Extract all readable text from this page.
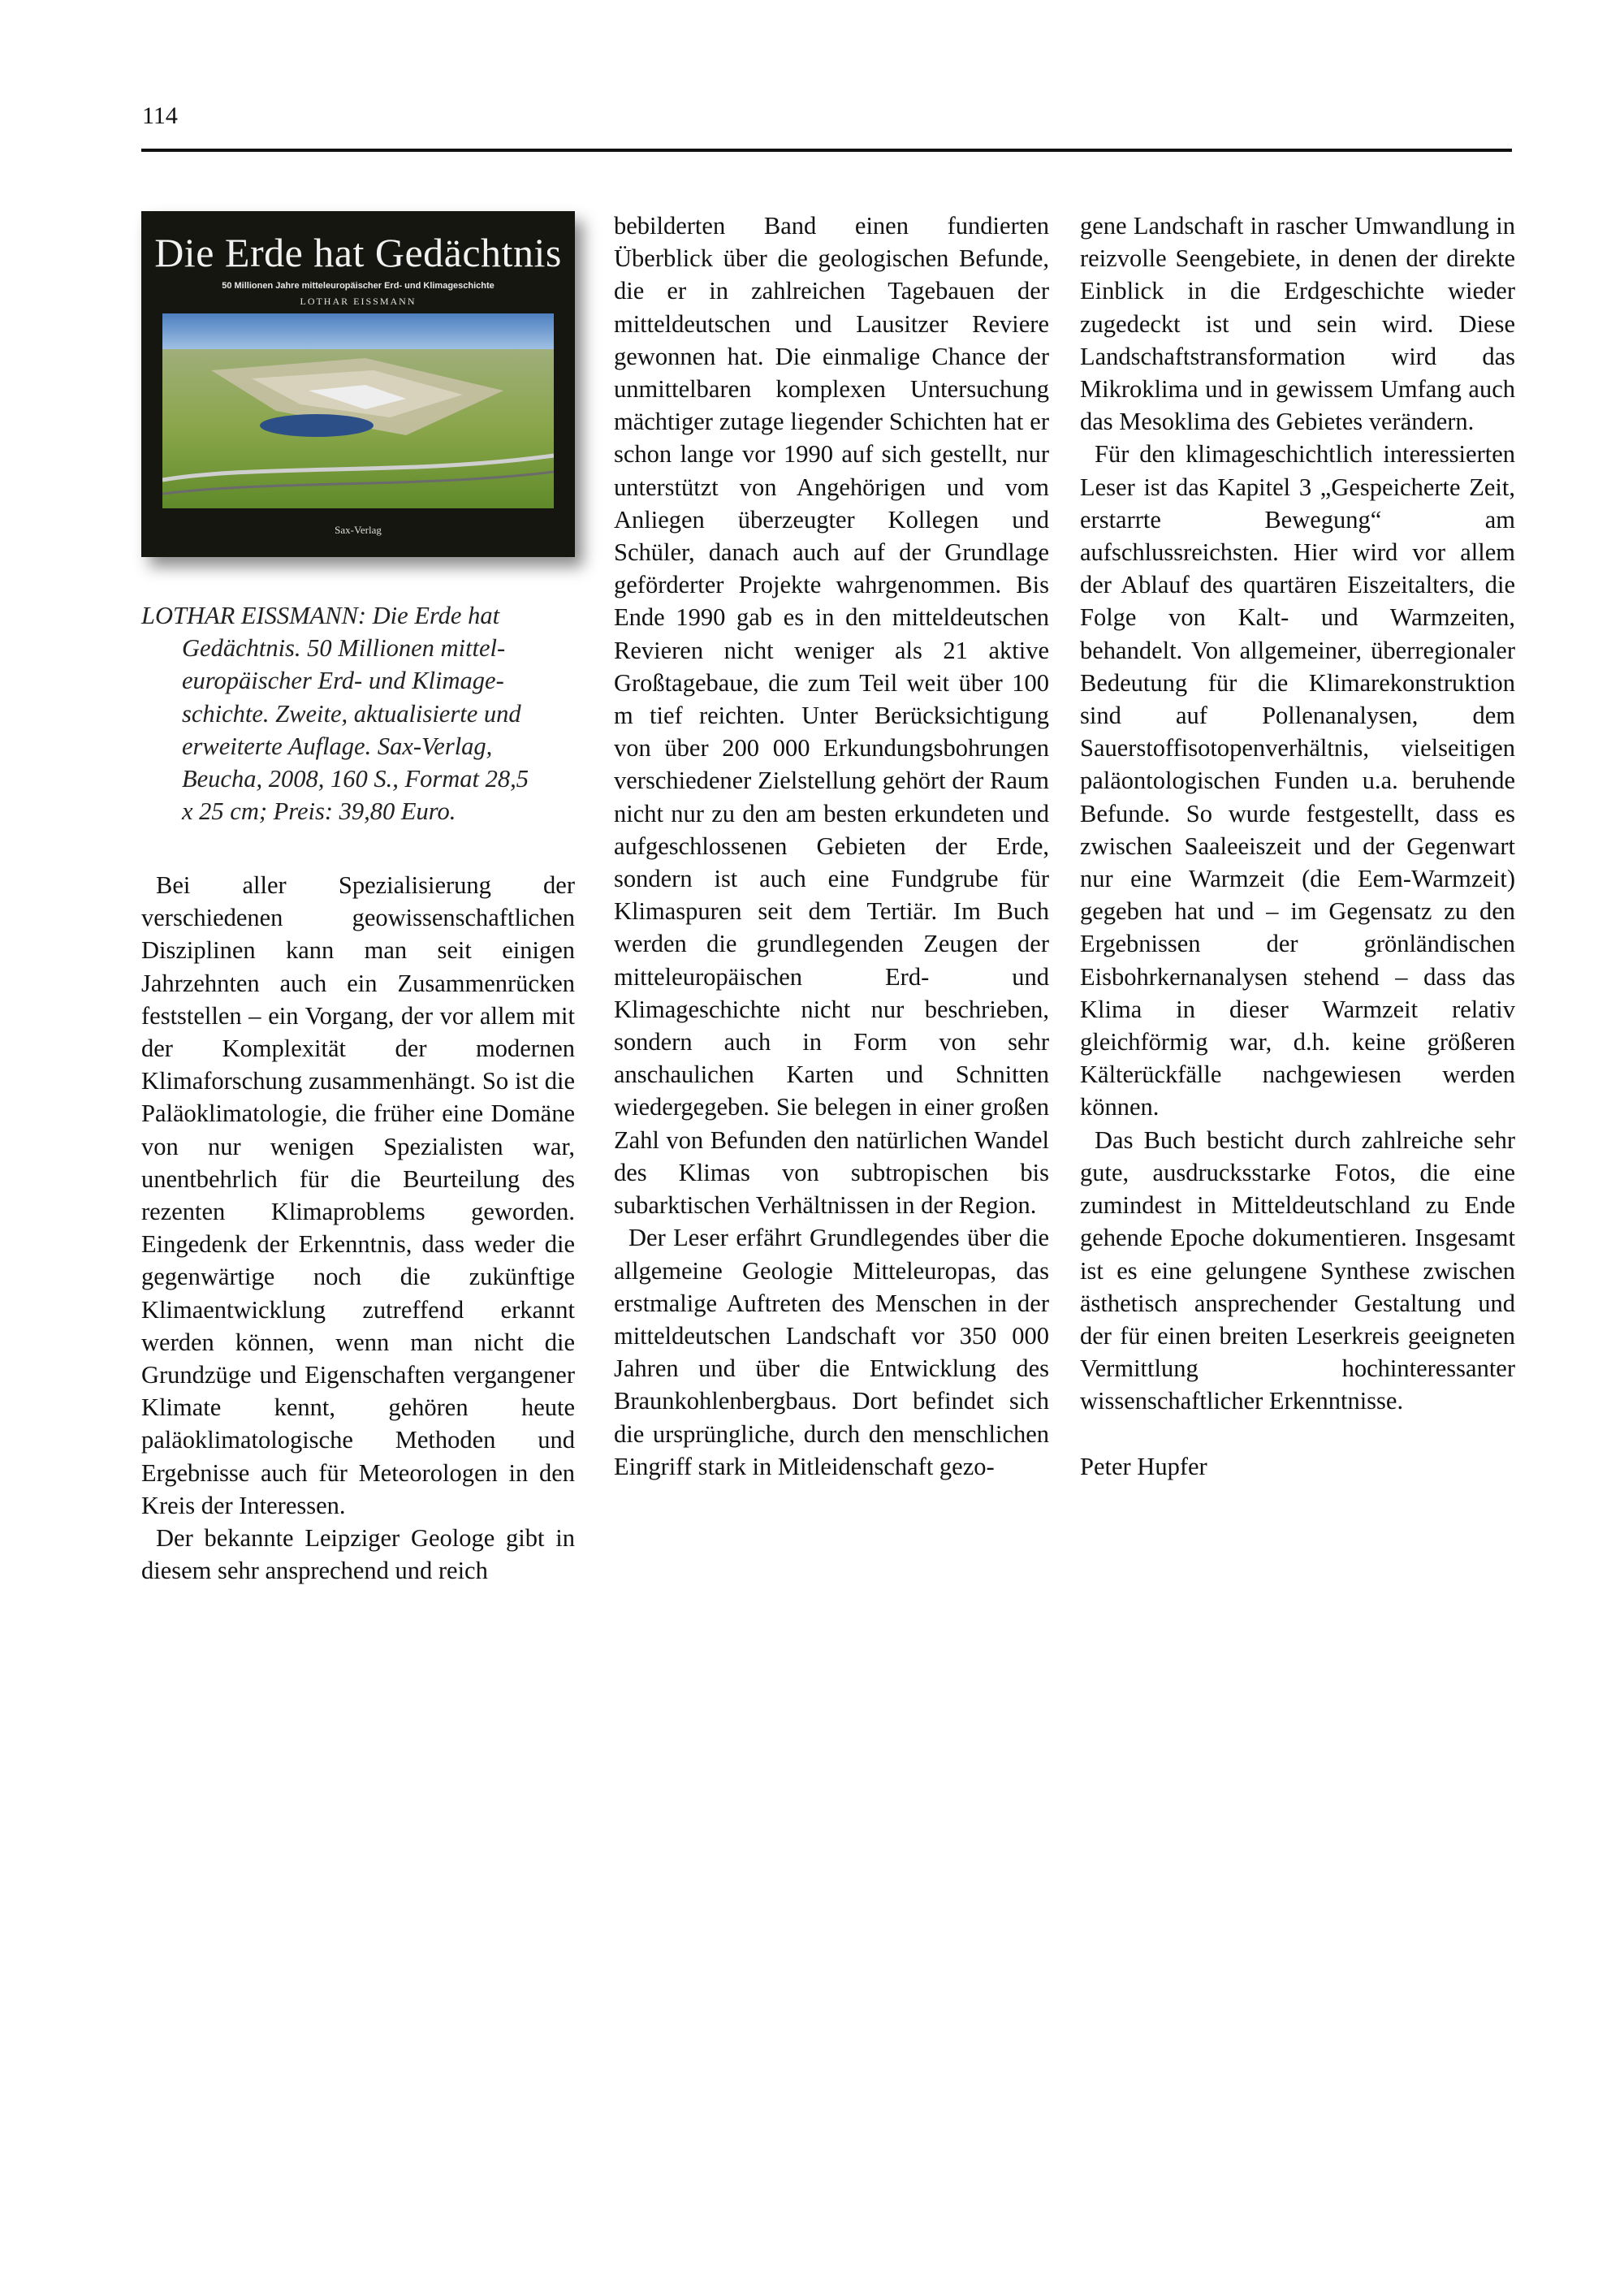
114
Die Erde hat Gedächtnis
50 Millionen Jahre mitteleuropäischer Erd- und Klimageschichte
LOTHAR EISSMANN
Sax-Verlag
LOTHAR EISSMANN: Die Erde hat
Gedächtnis. 50 Millionen mittel-
europäischer Erd- und Klimage-
schichte. Zweite, aktualisierte und
erweiterte Auflage. Sax-Verlag,
Beucha, 2008, 160 S., Format 28,5
x 25 cm; Preis: 39,80 Euro.

Bei aller Spezialisierung der verschiedenen geowissenschaftlichen Disziplinen kann man seit einigen Jahrzehnten auch ein Zusammenrücken feststellen – ein Vorgang, der vor allem mit der Komplexität der modernen Klimaforschung zusammenhängt. So ist die Paläoklimatologie, die früher eine Domäne von nur wenigen Spezialisten war, unentbehrlich für die Beurteilung des rezenten Klimaproblems geworden. Eingedenk der Erkenntnis, dass weder die gegenwärtige noch die zukünftige Klimaentwicklung zutreffend erkannt werden können, wenn man nicht die Grundzüge und Eigenschaften vergangener Klimate kennt, gehören heute paläoklimatologische Methoden und Ergebnisse auch für Meteorologen in den Kreis der Interessen.

Der bekannte Leipziger Geologe gibt in diesem sehr ansprechend und reich

bebilderten Band einen fundierten Überblick über die geologischen Befunde, die er in zahlreichen Tagebauen der mitteldeutschen und Lausitzer Reviere gewonnen hat. Die einmalige Chance der unmittelbaren komplexen Untersuchung mächtiger zutage liegender Schichten hat er schon lange vor 1990 auf sich gestellt, nur unterstützt von Angehörigen und vom Anliegen überzeugter Kollegen und Schüler, danach auch auf der Grundlage geförderter Projekte wahrgenommen. Bis Ende 1990 gab es in den mitteldeutschen Revieren nicht weniger als 21 aktive Großtagebaue, die zum Teil weit über 100 m tief reichten. Unter Berücksichtigung von über 200 000 Erkundungsbohrungen verschiedener Zielstellung gehört der Raum nicht nur zu den am besten erkundeten und aufgeschlossenen Gebieten der Erde, sondern ist auch eine Fundgrube für Klimaspuren seit dem Tertiär. Im Buch werden die grundlegenden Zeugen der mitteleuropäischen Erd- und Klimageschichte nicht nur beschrieben, sondern auch in Form von sehr anschaulichen Karten und Schnitten wiedergegeben. Sie belegen in einer großen Zahl von Befunden den natürlichen Wandel des Klimas von subtropischen bis subarktischen Verhältnissen in der Region.

Der Leser erfährt Grundlegendes über die allgemeine Geologie Mitteleuropas, das erstmalige Auftreten des Menschen in der mitteldeutschen Landschaft vor 350 000 Jahren und über die Entwicklung des Braunkohlenbergbaus. Dort befindet sich die ursprüngliche, durch den menschlichen Eingriff stark in Mitleidenschaft gezo-

gene Landschaft in rascher Umwandlung in reizvolle Seengebiete, in denen der direkte Einblick in die Erdgeschichte wieder zugedeckt ist und sein wird. Diese Landschaftstransformation wird das Mikroklima und in gewissem Umfang auch das Mesoklima des Gebietes verändern.

Für den klimageschichtlich interessierten Leser ist das Kapitel 3 „Gespeicherte Zeit, erstarrte Bewegung“ am aufschlussreichsten. Hier wird vor allem der Ablauf des quartären Eiszeitalters, die Folge von Kalt- und Warmzeiten, behandelt. Von allgemeiner, überregionaler Bedeutung für die Klimarekonstruktion sind auf Pollenanalysen, dem Sauerstoffisotopenverhältnis, vielseitigen paläontologischen Funden u.a. beruhende Befunde. So wurde festgestellt, dass es zwischen Saaleeiszeit und der Gegenwart nur eine Warmzeit (die Eem-Warmzeit) gegeben hat und – im Gegensatz zu den Ergebnissen der grönländischen Eisbohrkernanalysen stehend – dass das Klima in dieser Warmzeit relativ gleichförmig war, d.h. keine größeren Kälterückfälle nachgewiesen werden können.

Das Buch besticht durch zahlreiche sehr gute, ausdrucksstarke Fotos, die eine zumindest in Mitteldeutschland zu Ende gehende Epoche dokumentieren. Insgesamt ist es eine gelungene Synthese zwischen ästhetisch ansprechender Gestaltung und der für einen breiten Leserkreis geeigneten Vermittlung hochinteressanter wissenschaftlicher Erkenntnisse.

Peter Hupfer
